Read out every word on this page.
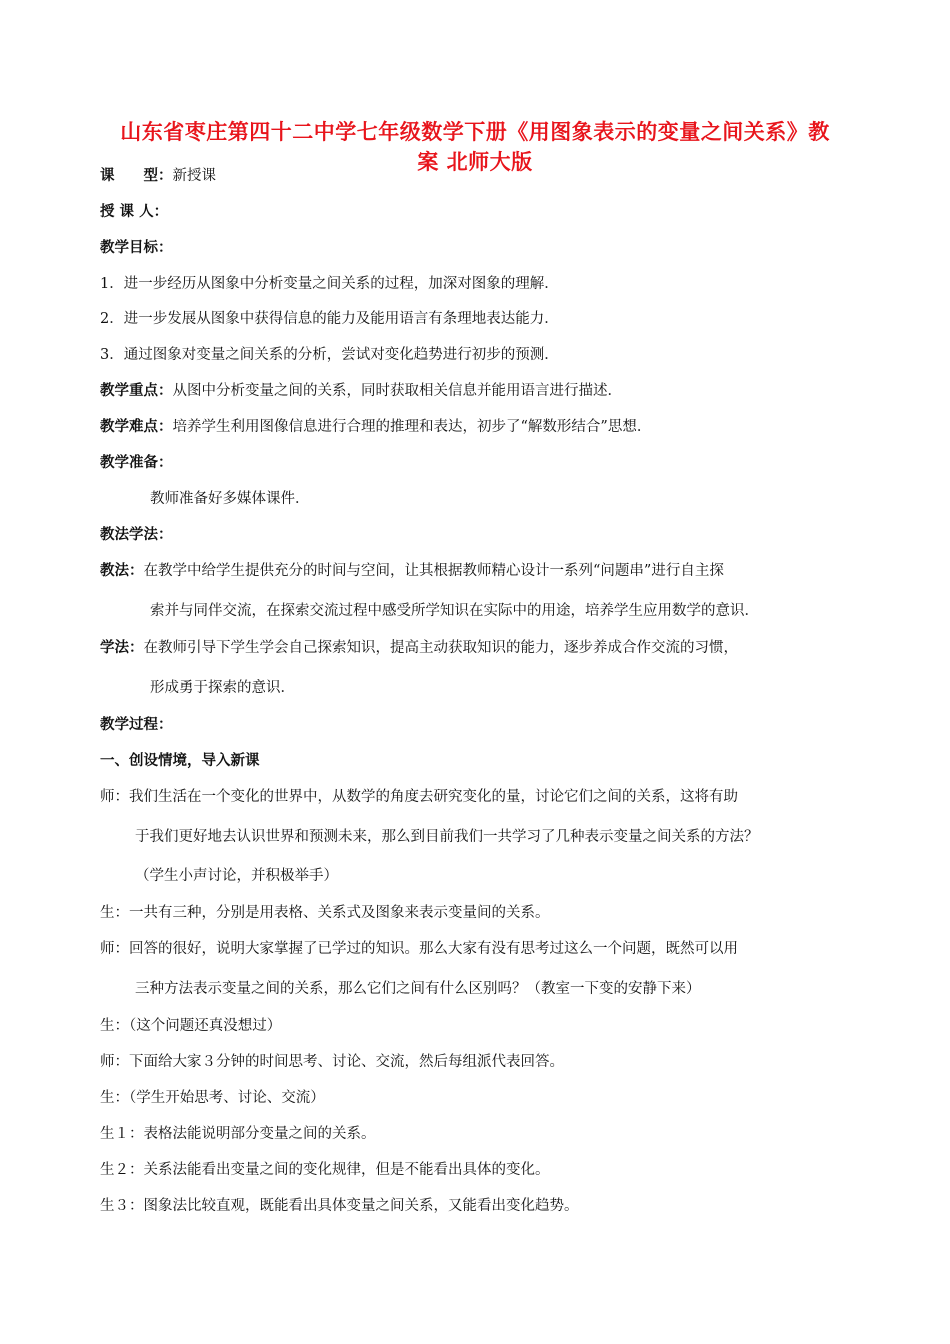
山东省枣庄第四十二中学七年级数学下册《用图象表示的变量之间关系》教
案 北师大版
课　　型：新授课
授 课 人：
教学目标：
1．进一步经历从图象中分析变量之间关系的过程，加深对图象的理解．
2．进一步发展从图象中获得信息的能力及能用语言有条理地表达能力．
3．通过图象对变量之间关系的分析，尝试对变化趋势进行初步的预测．
教学重点：从图中分析变量之间的关系，同时获取相关信息并能用语言进行描述．
教学难点：培养学生利用图像信息进行合理的推理和表达，初步了“解数形结合”思想．
教学准备：
教师准备好多媒体课件．
教法学法：
教法：在教学中给学生提供充分的时间与空间，让其根据教师精心设计一系列“问题串”进行自主探
索并与同伴交流，在探索交流过程中感受所学知识在实际中的用途，培养学生应用数学的意识．
学法：在教师引导下学生学会自己探索知识，提高主动获取知识的能力，逐步养成合作交流的习惯，
形成勇于探索的意识．
教学过程：
一、创设情境，导入新课
师：我们生活在一个变化的世界中，从数学的角度去研究变化的量，讨论它们之间的关系，这将有助
于我们更好地去认识世界和预测未来，那么到目前我们一共学习了几种表示变量之间关系的方法？
（学生小声讨论，并积极举手）
生：一共有三种，分别是用表格、关系式及图象来表示变量间的关系。
师：回答的很好，说明大家掌握了已学过的知识。那么大家有没有思考过这么一个问题，既然可以用
三种方法表示变量之间的关系，那么它们之间有什么区别吗？（教室一下变的安静下来）
生：（这个问题还真没想过）
师：下面给大家３分钟的时间思考、讨论、交流，然后每组派代表回答。
生：（学生开始思考、讨论、交流）
生１：表格法能说明部分变量之间的关系。
生２：关系法能看出变量之间的变化规律，但是不能看出具体的变化。
生３：图象法比较直观，既能看出具体变量之间关系，又能看出变化趋势。
